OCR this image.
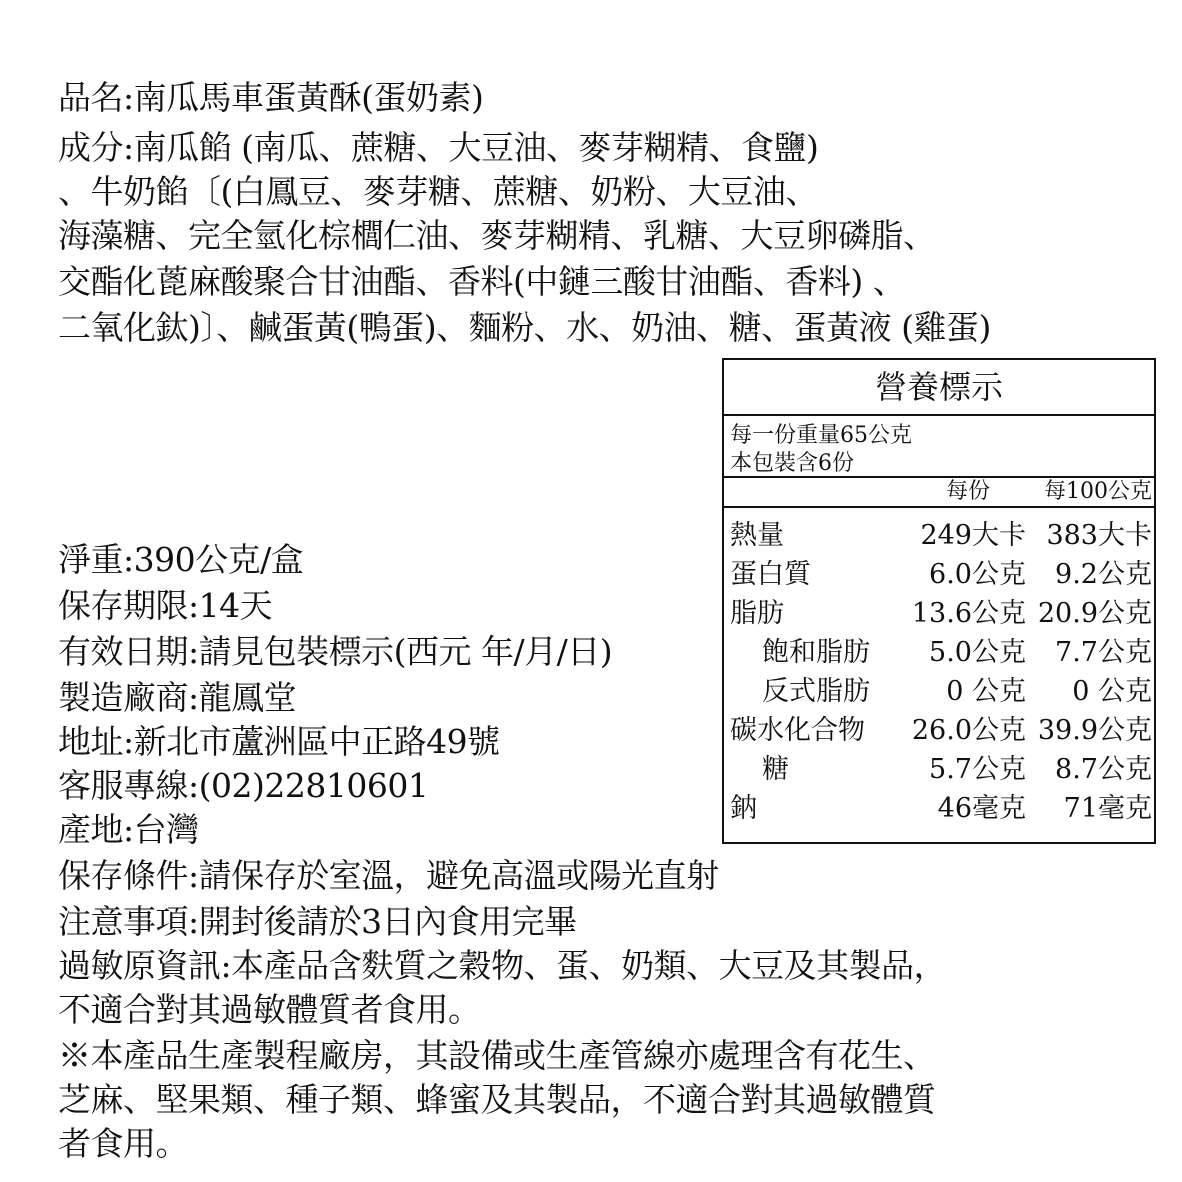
品名:南瓜馬車蛋黃酥(蛋奶素)
成分:南瓜餡 (南瓜、蔗糖、大豆油、麥芽糊精、食鹽)
、牛奶餡〔(白鳳豆、麥芽糖、蔗糖、奶粉、大豆油、
海藻糖、完全氫化棕櫚仁油、麥芽糊精、乳糖、大豆卵磷脂、
交酯化蓖麻酸聚合甘油酯、香料(中鏈三酸甘油酯、香料) 、
二氧化鈦)〕、鹹蛋黃(鴨蛋)、麵粉、水、奶油、糖、蛋黃液 (雞蛋)
淨重:390公克/盒
保存期限:14天
有效日期:請見包裝標示(西元 年/月/日)
製造廠商:龍鳳堂
地址:新北市蘆洲區中正路49號
客服專線:(02)22810601
產地:台灣
保存條件:請保存於室溫，避免高溫或陽光直射
注意事項:開封後請於3日內食用完畢
過敏原資訊:本產品含麩質之穀物、蛋、奶類、大豆及其製品，
不適合對其過敏體質者食用。
※本產品生產製程廠房，其設備或生產管線亦處理含有花生、
芝麻、堅果類、種子類、蜂蜜及其製品，不適合對其過敏體質
者食用。
營養標示
每一份重量65公克
本包裝含6份
每份 每100公克
熱量	249大卡 383大卡
蛋白質	6.0公克 9.2公克
脂肪	13.6公克 20.9公克
飽和脂肪 5.0公克 7.7公克
反式脂肪	0 公克 0 公克
碳水化合物 26.0公克 39.9公克
糖	5.7公克 8.7公克
鈉	46毫克 71毫克
